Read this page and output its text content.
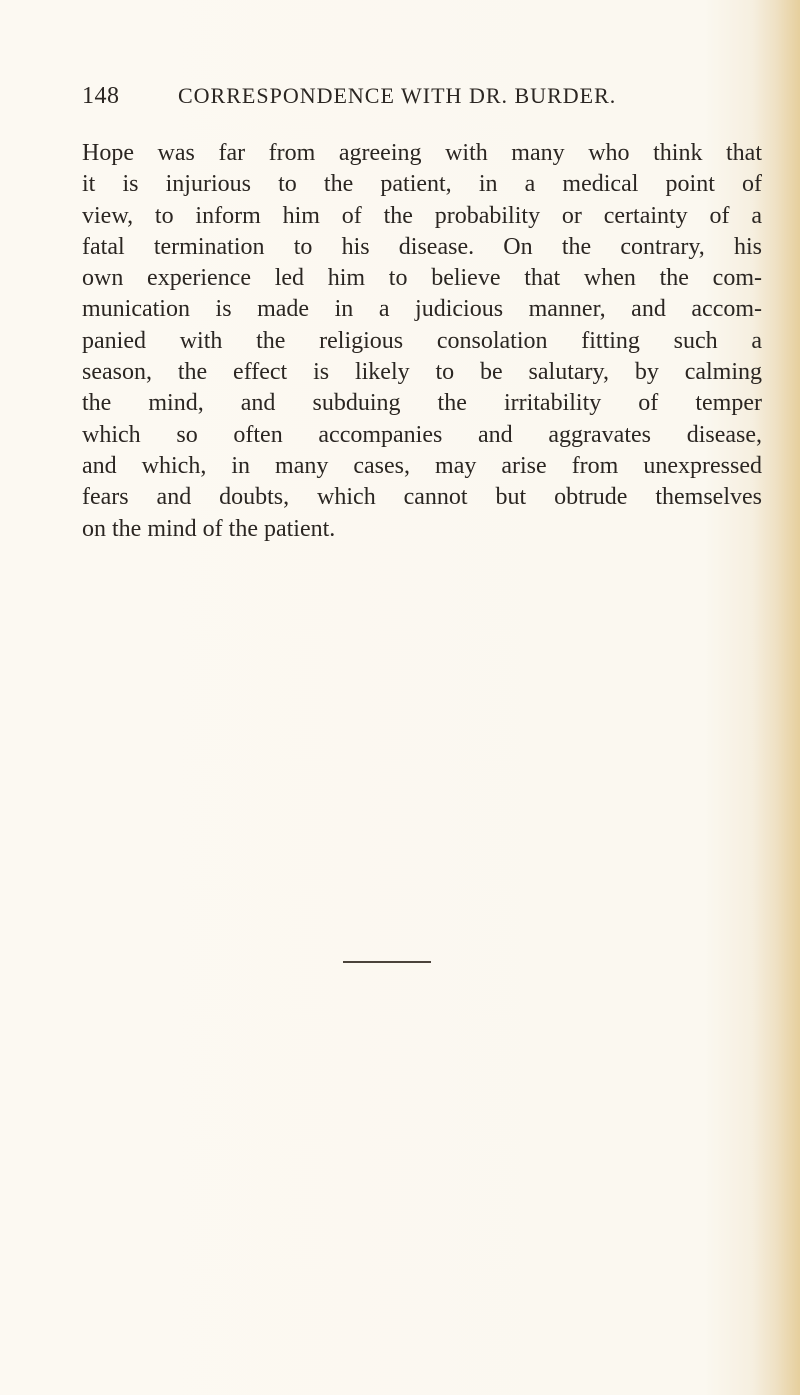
148	CORRESPONDENCE WITH DR. BURDER.
Hope was far from agreeing with many who think that
it is injurious to the patient, in a medical point of
view, to inform him of the probability or certainty of a
fatal termination to his disease. On the contrary, his
own experience led him to believe that when the com-
munication is made in a judicious manner, and accom-
panied with the religious consolation fitting such a
season, the effect is likely to be salutary, by calming
the mind, and subduing the irritability of temper
which so often accompanies and aggravates disease,
and which, in many cases, may arise from unexpressed
fears and doubts, which cannot but obtrude themselves
on the mind of the patient.
